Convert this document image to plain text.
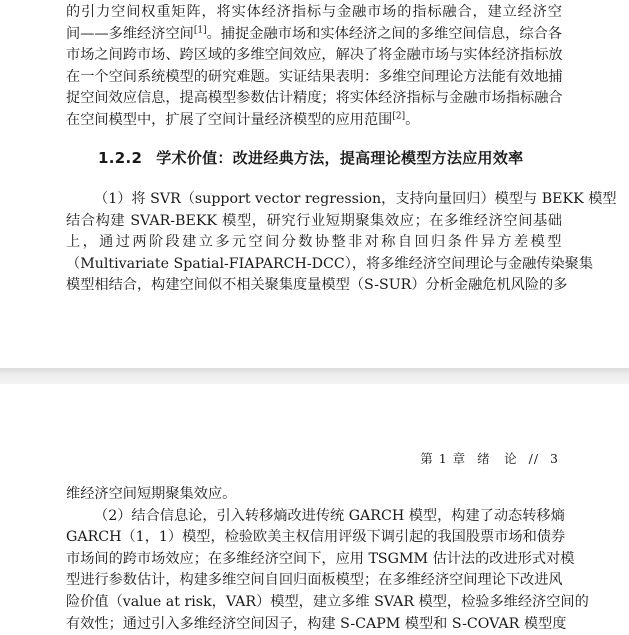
的引力空间权重矩阵，将实体经济指标与金融市场的指标融合，建立经济空
间——多维经济空间[1]。捕捉金融市场和实体经济之间的多维空间信息，综合各
市场之间跨市场、跨区域的多维空间效应，解决了将金融市场与实体经济指标放
在一个空间系统模型的研究难题。实证结果表明：多维空间理论方法能有效地捕
捉空间效应信息，提高模型参数估计精度；将实体经济指标与金融市场指标融合
在空间模型中，扩展了空间计量经济模型的应用范围[2]。
1.2.2 学术价值：改进经典方法，提高理论模型方法应用效率
（1）将 SVR（support vector regression，支持向量回归）模型与 BEKK 模型
结合构建 SVAR-BEKK 模型，研究行业短期聚集效应；在多维经济空间基础
上，通过两阶段建立多元空间分数协整非对称自回归条件异方差模型
（Multivariate Spatial-FIAPARCH-DCC），将多维经济空间理论与金融传染聚集
模型相结合，构建空间似不相关聚集度量模型（S-SUR）分析金融危机风险的多
第 1 章 绪　论 // 3
维经济空间短期聚集效应。
（2）结合信息论，引入转移熵改进传统 GARCH 模型，构建了动态转移熵
GARCH（1，1）模型，检验欧美主权信用评级下调引起的我国股票市场和债券
市场间的跨市场效应；在多维经济空间下，应用 TSGMM 估计法的改进形式对模
型进行参数估计，构建多维空间自回归面板模型；在多维经济空间理论下改进风
险价值（value at risk，VAR）模型，建立多维 SVAR 模型，检验多维经济空间的
有效性；通过引入多维经济空间因子，构建 S-CAPM 模型和 S-COVAR 模型度
